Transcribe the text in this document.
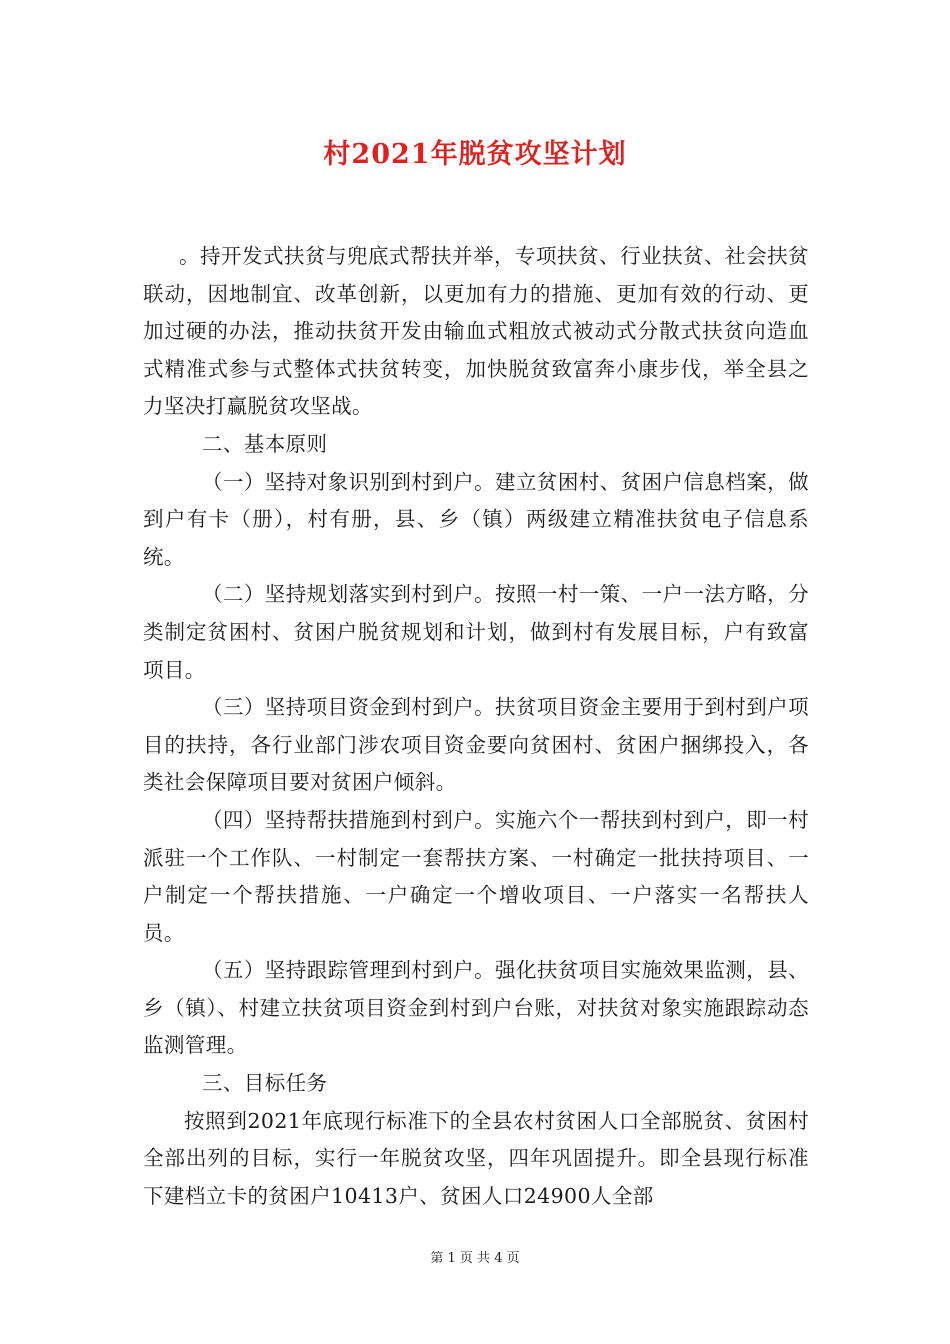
村2021年脱贫攻坚计划

。持开发式扶贫与兜底式帮扶并举，专项扶贫、行业扶贫、社会扶贫联动，因地制宜、改革创新，以更加有力的措施、更加有效的行动、更加过硬的办法，推动扶贫开发由输血式粗放式被动式分散式扶贫向造血式精准式参与式整体式扶贫转变，加快脱贫致富奔小康步伐，举全县之力坚决打赢脱贫攻坚战。

二、基本原则

（一）坚持对象识别到村到户。建立贫困村、贫困户信息档案，做到户有卡（册），村有册，县、乡（镇）两级建立精准扶贫电子信息系统。

（二）坚持规划落实到村到户。按照一村一策、一户一法方略，分类制定贫困村、贫困户脱贫规划和计划，做到村有发展目标，户有致富项目。

（三）坚持项目资金到村到户。扶贫项目资金主要用于到村到户项目的扶持，各行业部门涉农项目资金要向贫困村、贫困户捆绑投入，各类社会保障项目要对贫困户倾斜。

（四）坚持帮扶措施到村到户。实施六个一帮扶到村到户，即一村派驻一个工作队、一村制定一套帮扶方案、一村确定一批扶持项目、一户制定一个帮扶措施、一户确定一个增收项目、一户落实一名帮扶人员。

（五）坚持跟踪管理到村到户。强化扶贫项目实施效果监测，县、乡（镇）、村建立扶贫项目资金到村到户台账，对扶贫对象实施跟踪动态监测管理。

三、目标任务

按照到2021年底现行标准下的全县农村贫困人口全部脱贫、贫困村全部出列的目标，实行一年脱贫攻坚，四年巩固提升。即全县现行标准下建档立卡的贫困户10413户、贫困人口24900人全部

第 1 页 共 4 页
